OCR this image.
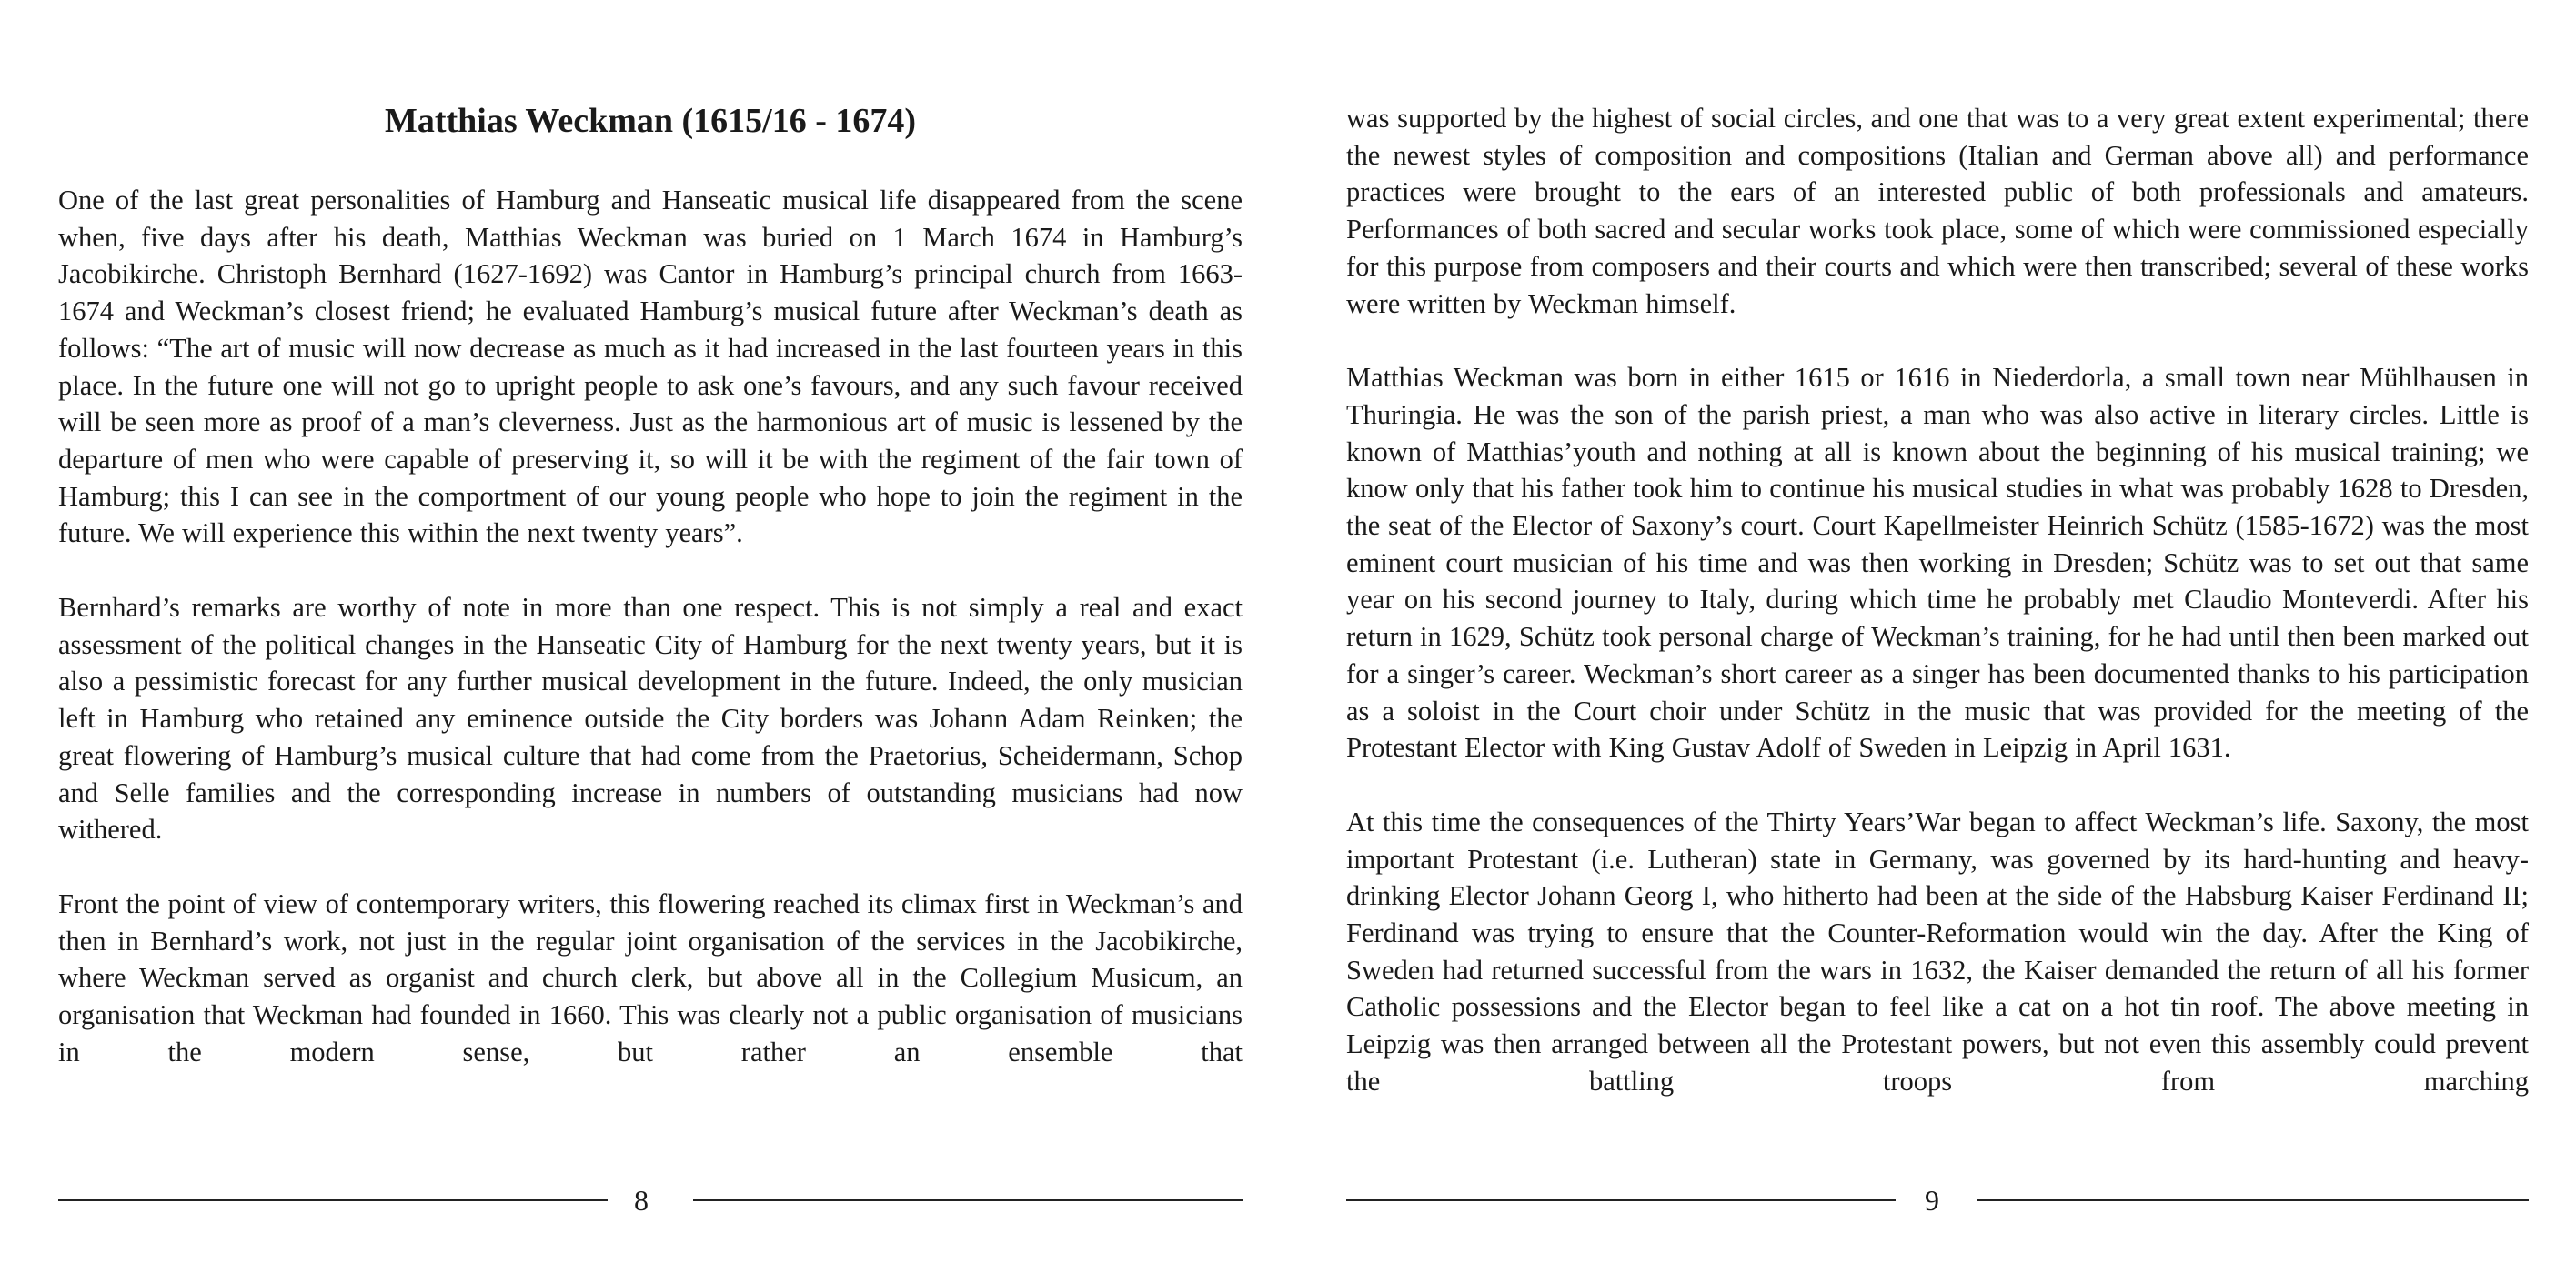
Matthias Weckman (1615/16 - 1674)

One of the last great personalities of Hamburg and Hanseatic musical life disappeared from the scene when, five days after his death, Matthias Weckman was buried on 1 March 1674 in Hamburg’s Jacobikirche. Christoph Bernhard (1627-1692) was Cantor in Hamburg’s principal church from 1663-1674 and Weckman’s closest friend; he evaluated Hamburg’s musical future after Weckman’s death as follows: “The art of music will now decrease as much as it had increased in the last fourteen years in this place. In the future one will not go to upright people to ask one’s favours, and any such favour received will be seen more as proof of a man’s cleverness. Just as the harmonious art of music is lessened by the departure of men who were capable of preserving it, so will it be with the regiment of the fair town of Hamburg; this I can see in the comportment of our young people who hope to join the regiment in the future. We will experience this within the next twenty years”.

Bernhard’s remarks are worthy of note in more than one respect. This is not simply a real and exact assessment of the political changes in the Hanseatic City of Hamburg for the next twenty years, but it is also a pessimistic forecast for any further musical development in the future. Indeed, the only musician left in Hamburg who retained any eminence outside the City borders was Johann Adam Reinken; the great flowering of Hamburg’s musical culture that had come from the Praetorius, Scheidermann, Schop and Selle families and the corresponding increase in numbers of outstanding musicians had now withered.

Front the point of view of contemporary writers, this flowering reached its climax first in Weckman’s and then in Bernhard’s work, not just in the regular joint organisation of the services in the Jacobikirche, where Weckman served as organist and church clerk, but above all in the Collegium Musicum, an organisation that Weckman had founded in 1660. This was clearly not a public organisation of musicians in the modern sense, but rather an ensemble that

8

was supported by the highest of social circles, and one that was to a very great extent experimental; there the newest styles of composition and compositions (Italian and German above all) and performance practices were brought to the ears of an interested public of both professionals and amateurs. Performances of both sacred and secular works took place, some of which were commissioned especially for this purpose from composers and their courts and which were then transcribed; several of these works were written by Weckman himself.

Matthias Weckman was born in either 1615 or 1616 in Niederdorla, a small town near Mühlhausen in Thuringia. He was the son of the parish priest, a man who was also active in literary circles. Little is known of Matthias’youth and nothing at all is known about the beginning of his musical training; we know only that his father took him to continue his musical studies in what was probably 1628 to Dresden, the seat of the Elector of Saxony’s court. Court Kapellmeister Heinrich Schütz (1585-1672) was the most eminent court musician of his time and was then working in Dresden; Schütz was to set out that same year on his second journey to Italy, during which time he probably met Claudio Monteverdi. After his return in 1629, Schütz took personal charge of Weckman’s training, for he had until then been marked out for a singer’s career. Weckman’s short career as a singer has been documented thanks to his participation as a soloist in the Court choir under Schütz in the music that was provided for the meeting of the Protestant Elector with King Gustav Adolf of Sweden in Leipzig in April 1631.

At this time the consequences of the Thirty Years’War began to affect Weckman’s life. Saxony, the most important Protestant (i.e. Lutheran) state in Germany, was governed by its hard-hunting and heavy-drinking Elector Johann Georg I, who hitherto had been at the side of the Habsburg Kaiser Ferdinand II; Ferdinand was trying to ensure that the Counter-Reformation would win the day. After the King of Sweden had returned successful from the wars in 1632, the Kaiser demanded the return of all his former Catholic possessions and the Elector began to feel like a cat on a hot tin roof. The above meeting in Leipzig was then arranged between all the Protestant powers, but not even this assembly could prevent the battling troops from marching

9
